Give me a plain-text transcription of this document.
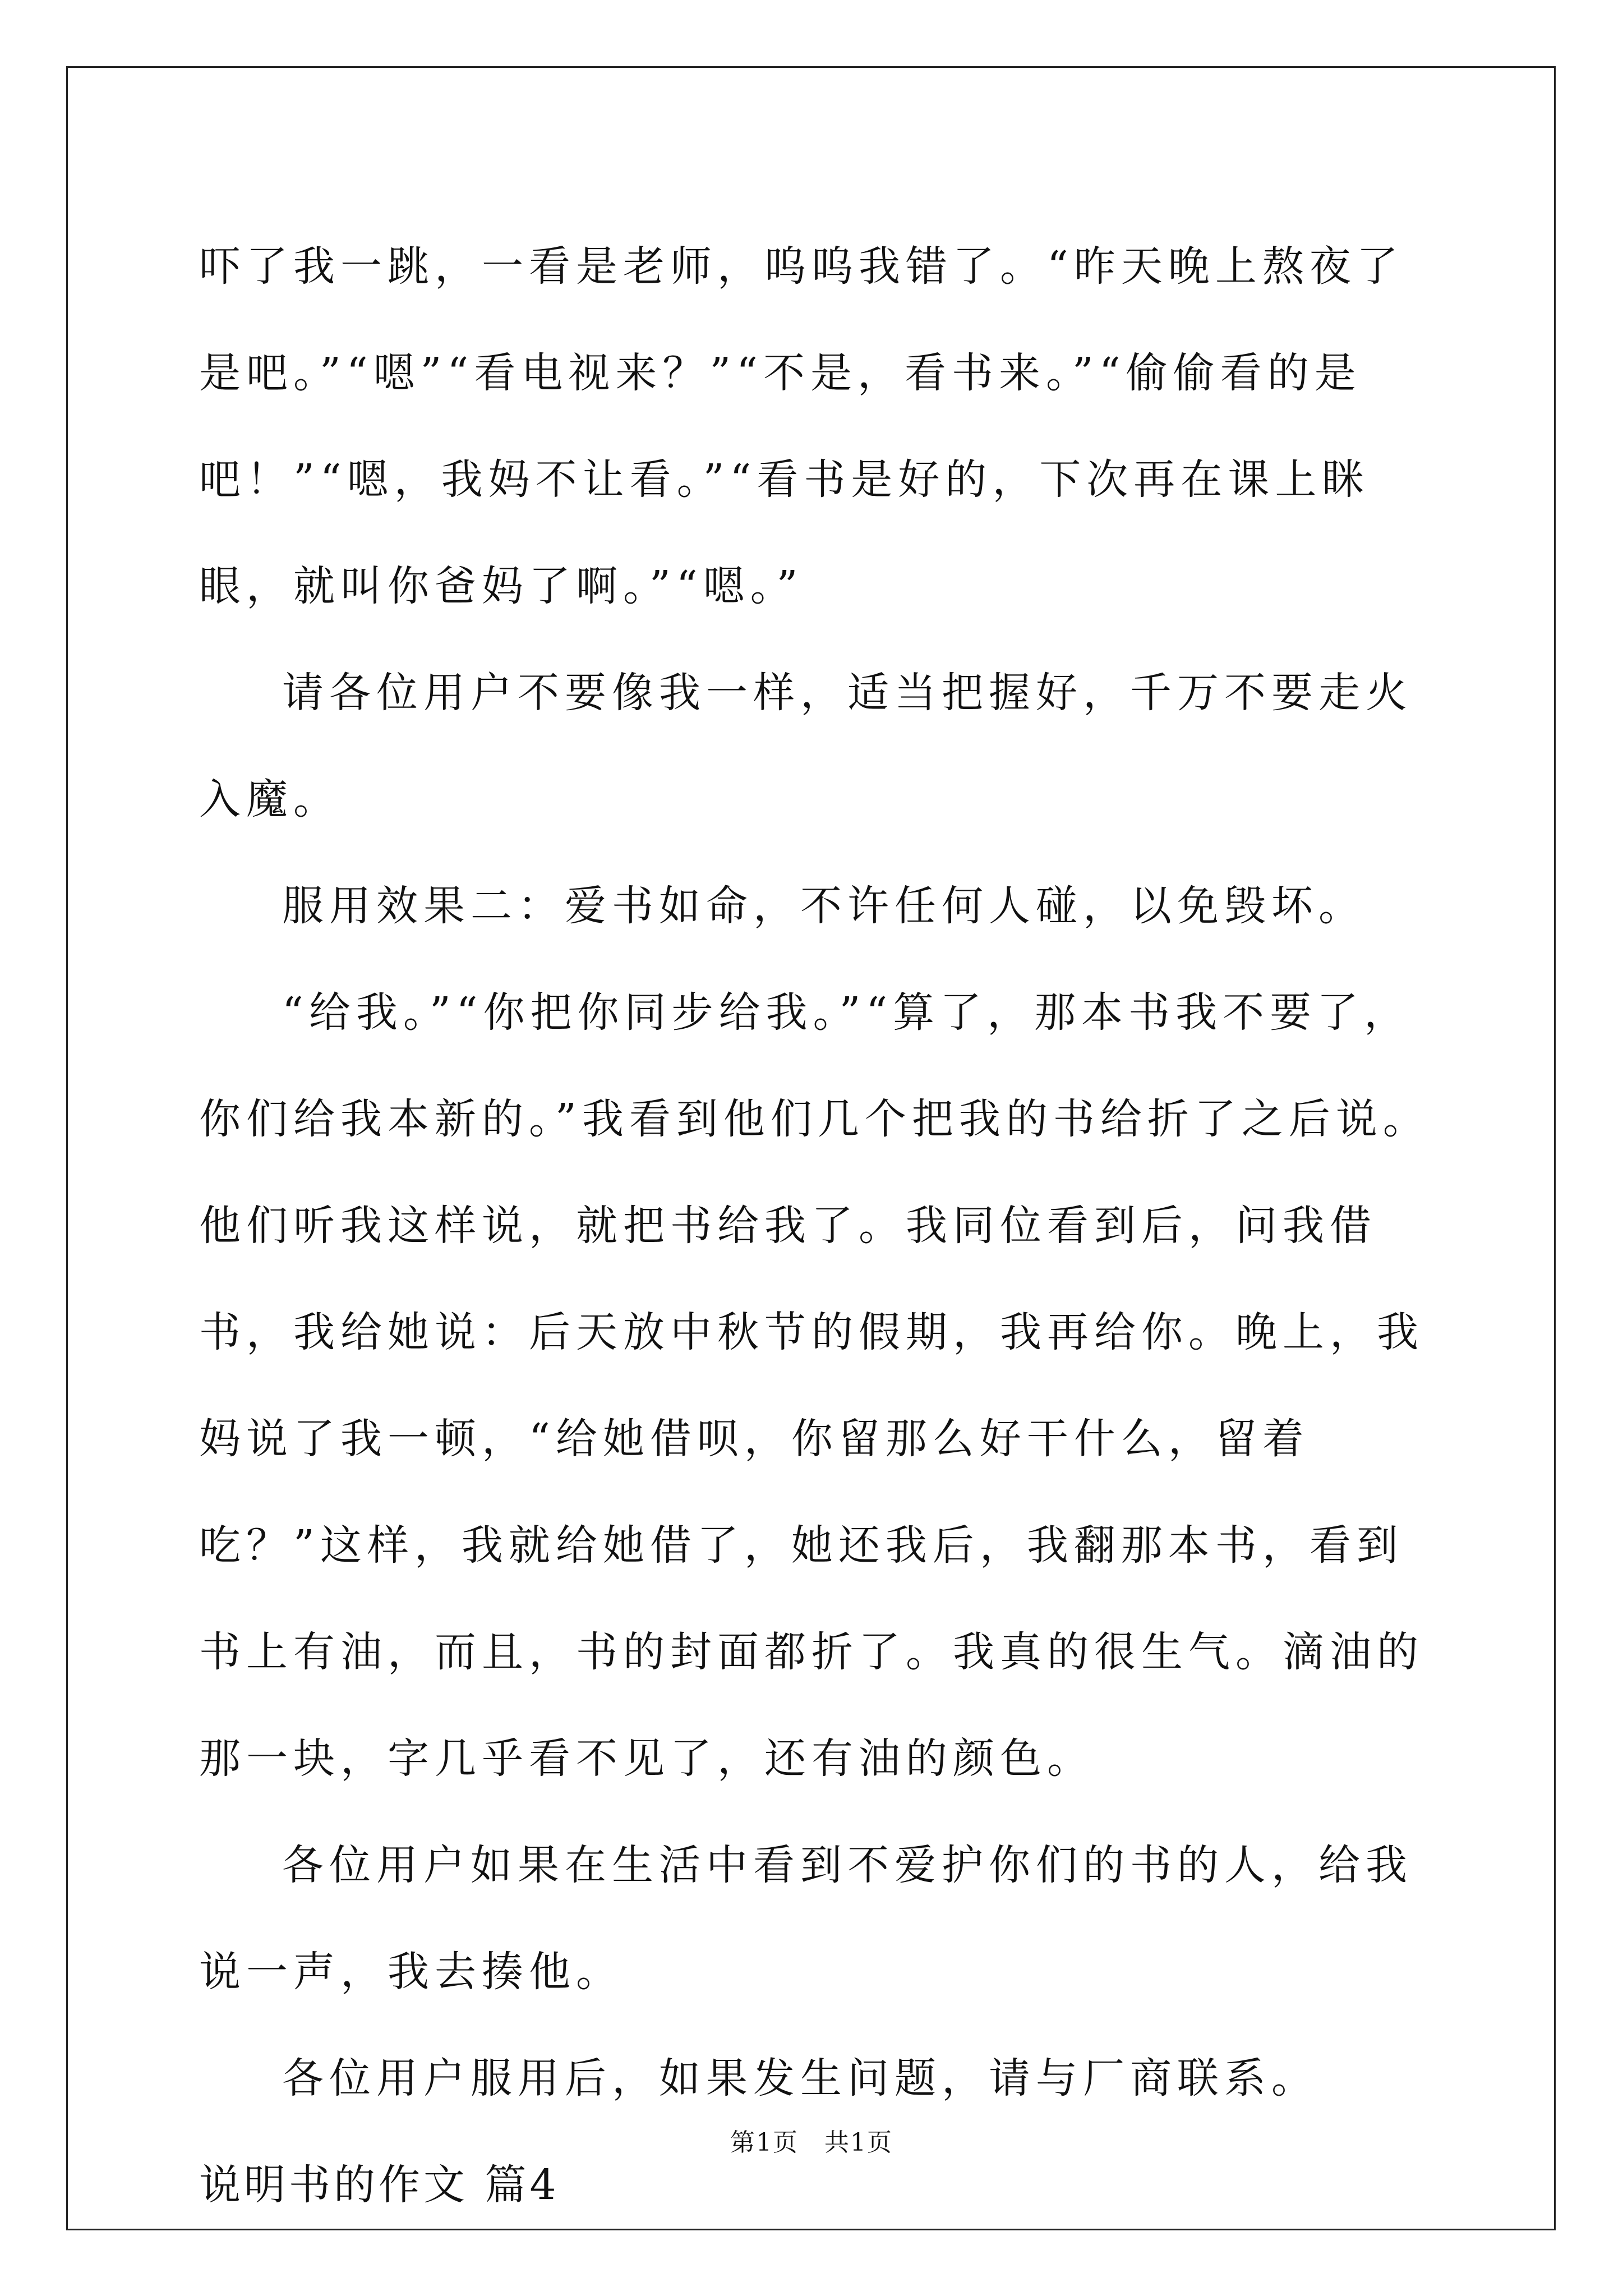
吓了我一跳，一看是老师，呜呜我错了。“昨天晚上熬夜了是吧。”“嗯”“看电视来？”“不是，看书来。”“偷偷看的是吧！”“嗯，我妈不让看。”“看书是好的，下次再在课上眯眼，就叫你爸妈了啊。”“嗯。”

请各位用户不要像我一样，适当把握好，千万不要走火入魔。

服用效果二：爱书如命，不许任何人碰，以免毁坏。

“给我。”“你把你同步给我。”“算了，那本书我不要了，你们给我本新的。”我看到他们几个把我的书给折了之后说。他们听我这样说，就把书给我了。我同位看到后，问我借书，我给她说：后天放中秋节的假期，我再给你。晚上，我妈说了我一顿，“给她借呗，你留那么好干什么，留着吃？”这样，我就给她借了，她还我后，我翻那本书，看到书上有油，而且，书的封面都折了。我真的很生气。滴油的那一块，字几乎看不见了，还有油的颜色。

各位用户如果在生活中看到不爱护你们的书的人，给我说一声，我去揍他。

各位用户服用后，如果发生问题，请与厂商联系。

说明书的作文 篇4

第1页　共1页
